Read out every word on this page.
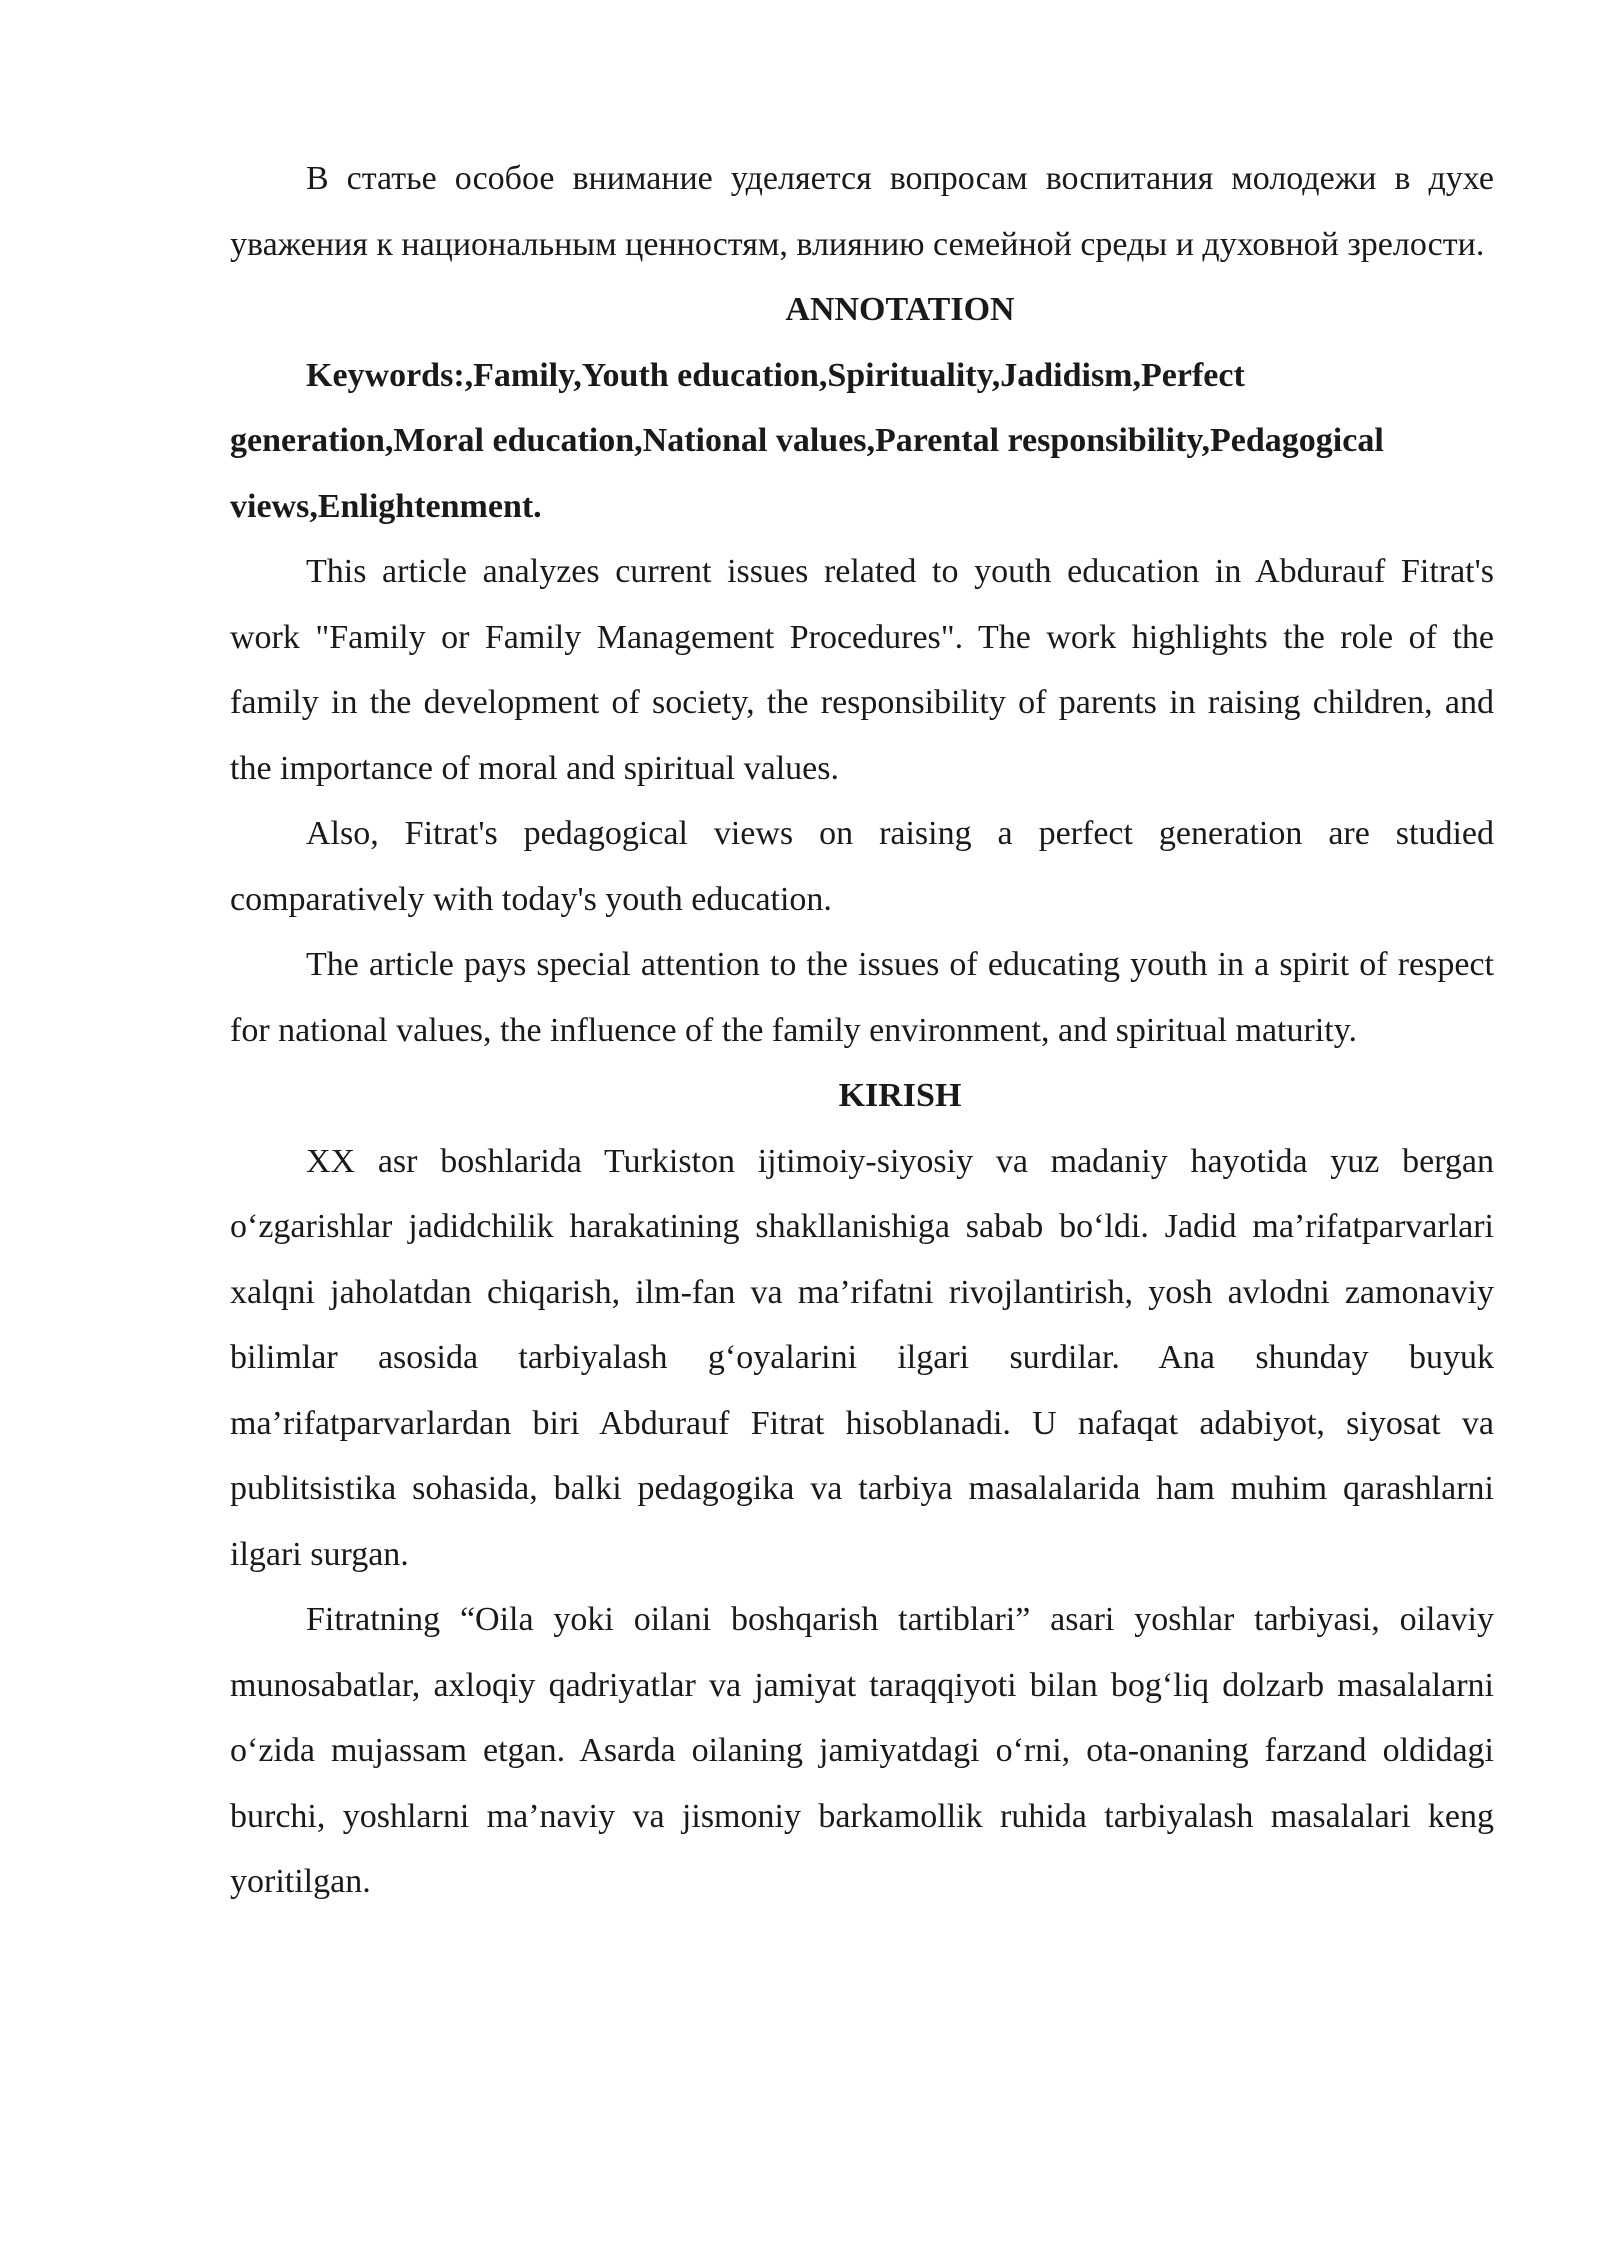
В статье особое внимание уделяется вопросам воспитания молодежи в духе уважения к национальным ценностям, влиянию семейной среды и духовной зрелости.

ANNOTATION

Keywords:,Family,Youth education,Spirituality,Jadidism,Perfect generation,Moral education,National values,Parental responsibility,Pedagogical views,Enlightenment.

This article analyzes current issues related to youth education in Abdurauf Fitrat's work "Family or Family Management Procedures". The work highlights the role of the family in the development of society, the responsibility of parents in raising children, and the importance of moral and spiritual values.

Also, Fitrat's pedagogical views on raising a perfect generation are studied comparatively with today's youth education.

The article pays special attention to the issues of educating youth in a spirit of respect for national values, the influence of the family environment, and spiritual maturity.

KIRISH

XX asr boshlarida Turkiston ijtimoiy-siyosiy va madaniy hayotida yuz bergan o‘zgarishlar jadidchilik harakatining shakllanishiga sabab bo‘ldi. Jadid ma’rifatparvarlari xalqni jaholatdan chiqarish, ilm-fan va ma’rifatni rivojlantirish, yosh avlodni zamonaviy bilimlar asosida tarbiyalash g‘oyalarini ilgari surdilar. Ana shunday buyuk ma’rifatparvarlardan biri Abdurauf Fitrat hisoblanadi. U nafaqat adabiyot, siyosat va publitsistika sohasida, balki pedagogika va tarbiya masalalarida ham muhim qarashlarni ilgari surgan.

Fitratning “Oila yoki oilani boshqarish tartiblari” asari yoshlar tarbiyasi, oilaviy munosabatlar, axloqiy qadriyatlar va jamiyat taraqqiyoti bilan bog‘liq dolzarb masalalarni o‘zida mujassam etgan. Asarda oilaning jamiyatdagi o‘rni, ota-onaning farzand oldidagi burchi, yoshlarni ma’naviy va jismoniy barkamollik ruhida tarbiyalash masalalari keng yoritilgan.
